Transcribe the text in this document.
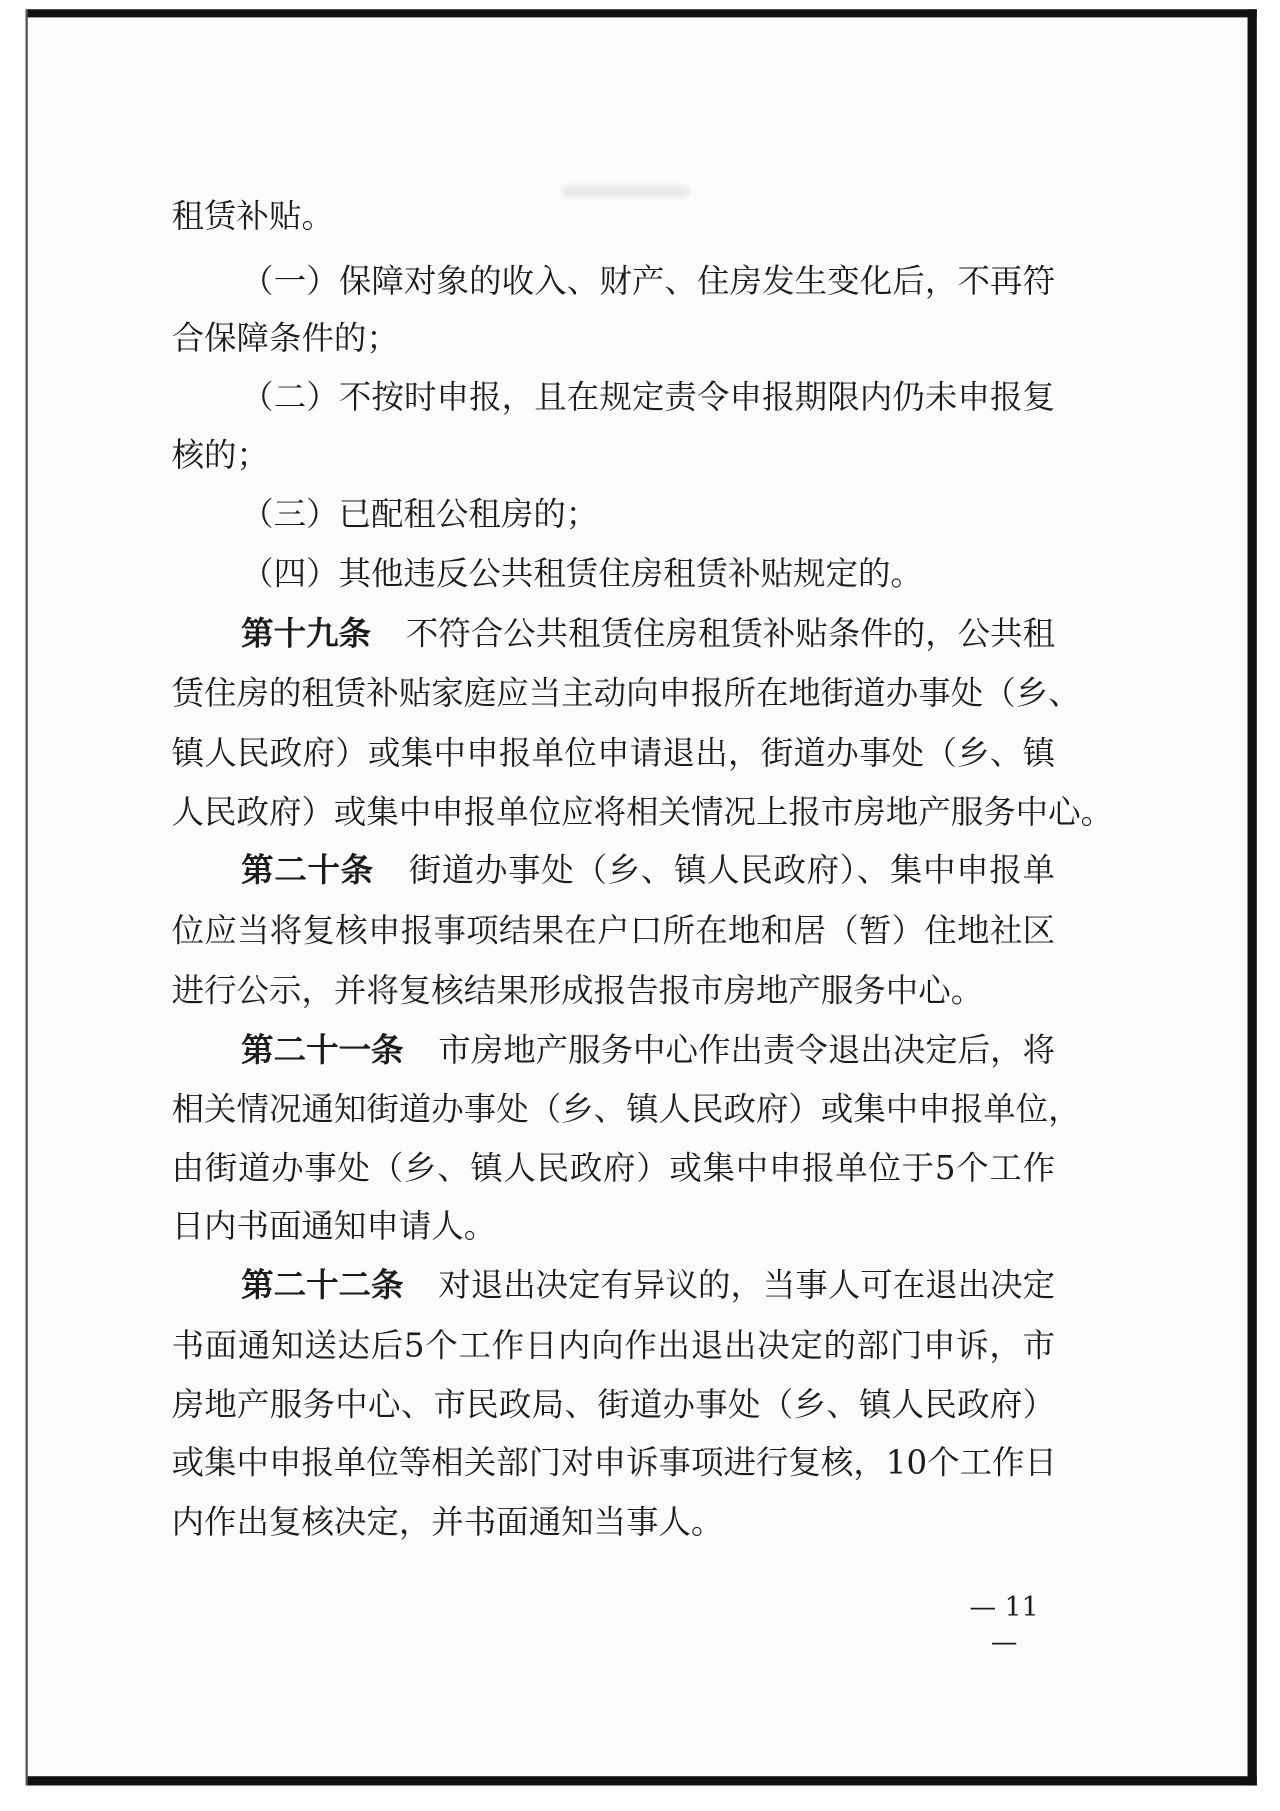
租赁补贴。
（一）保障对象的收入、财产、住房发生变化后，不再符
合保障条件的；
（二）不按时申报，且在规定责令申报期限内仍未申报复
核的；
（三）已配租公租房的；
（四）其他违反公共租赁住房租赁补贴规定的。
第十九条 不符合公共租赁住房租赁补贴条件的，公共租
赁住房的租赁补贴家庭应当主动向申报所在地街道办事处（乡、
镇人民政府）或集中申报单位申请退出，街道办事处（乡、镇
人民政府）或集中申报单位应将相关情况上报市房地产服务中心。
第二十条 街道办事处（乡、镇人民政府）、集中申报单
位应当将复核申报事项结果在户口所在地和居（暂）住地社区
进行公示，并将复核结果形成报告报市房地产服务中心。
第二十一条 市房地产服务中心作出责令退出决定后，将
相关情况通知街道办事处（乡、镇人民政府）或集中申报单位，
由街道办事处（乡、镇人民政府）或集中申报单位于5个工作
日内书面通知申请人。
第二十二条 对退出决定有异议的，当事人可在退出决定
书面通知送达后5个工作日内向作出退出决定的部门申诉，市
房地产服务中心、市民政局、街道办事处（乡、镇人民政府）
或集中申报单位等相关部门对申诉事项进行复核，10个工作日
内作出复核决定，并书面通知当事人。
— 11 —
